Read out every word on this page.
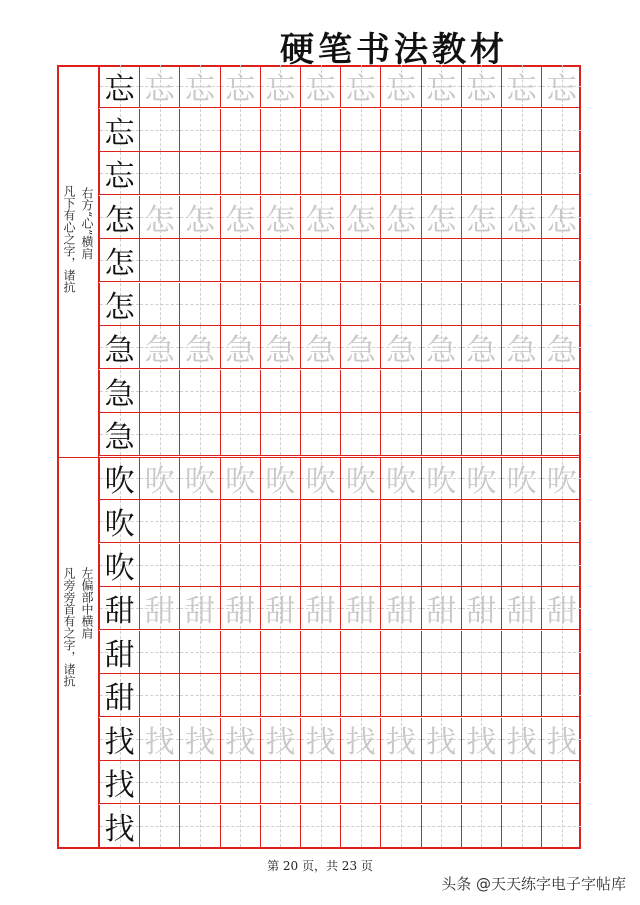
硬笔书法教材
忘 忘 忘 忘 忘 忘 忘 忘 忘 忘 忘 忘
忘
忘
怎 怎 怎 怎 怎 怎 怎 怎 怎 怎 怎 怎
怎
怎
急 急 急 急 急 急 急 急 急 急 急 急
急
急
吹 吹 吹 吹 吹 吹 吹 吹 吹 吹 吹 吹
吹
吹
甜 甜 甜 甜 甜 甜 甜 甜 甜 甜 甜 甜
甜
甜
找 找 找 找 找 找 找 找 找 找 找 找
找
找
第 20 页，共 23 页
头条 @天天练字电子字帖库
凡下有心之字，诸抗 右方“心”横肩
凡旁旁首有之字，诸抗 左偏部中横肩
